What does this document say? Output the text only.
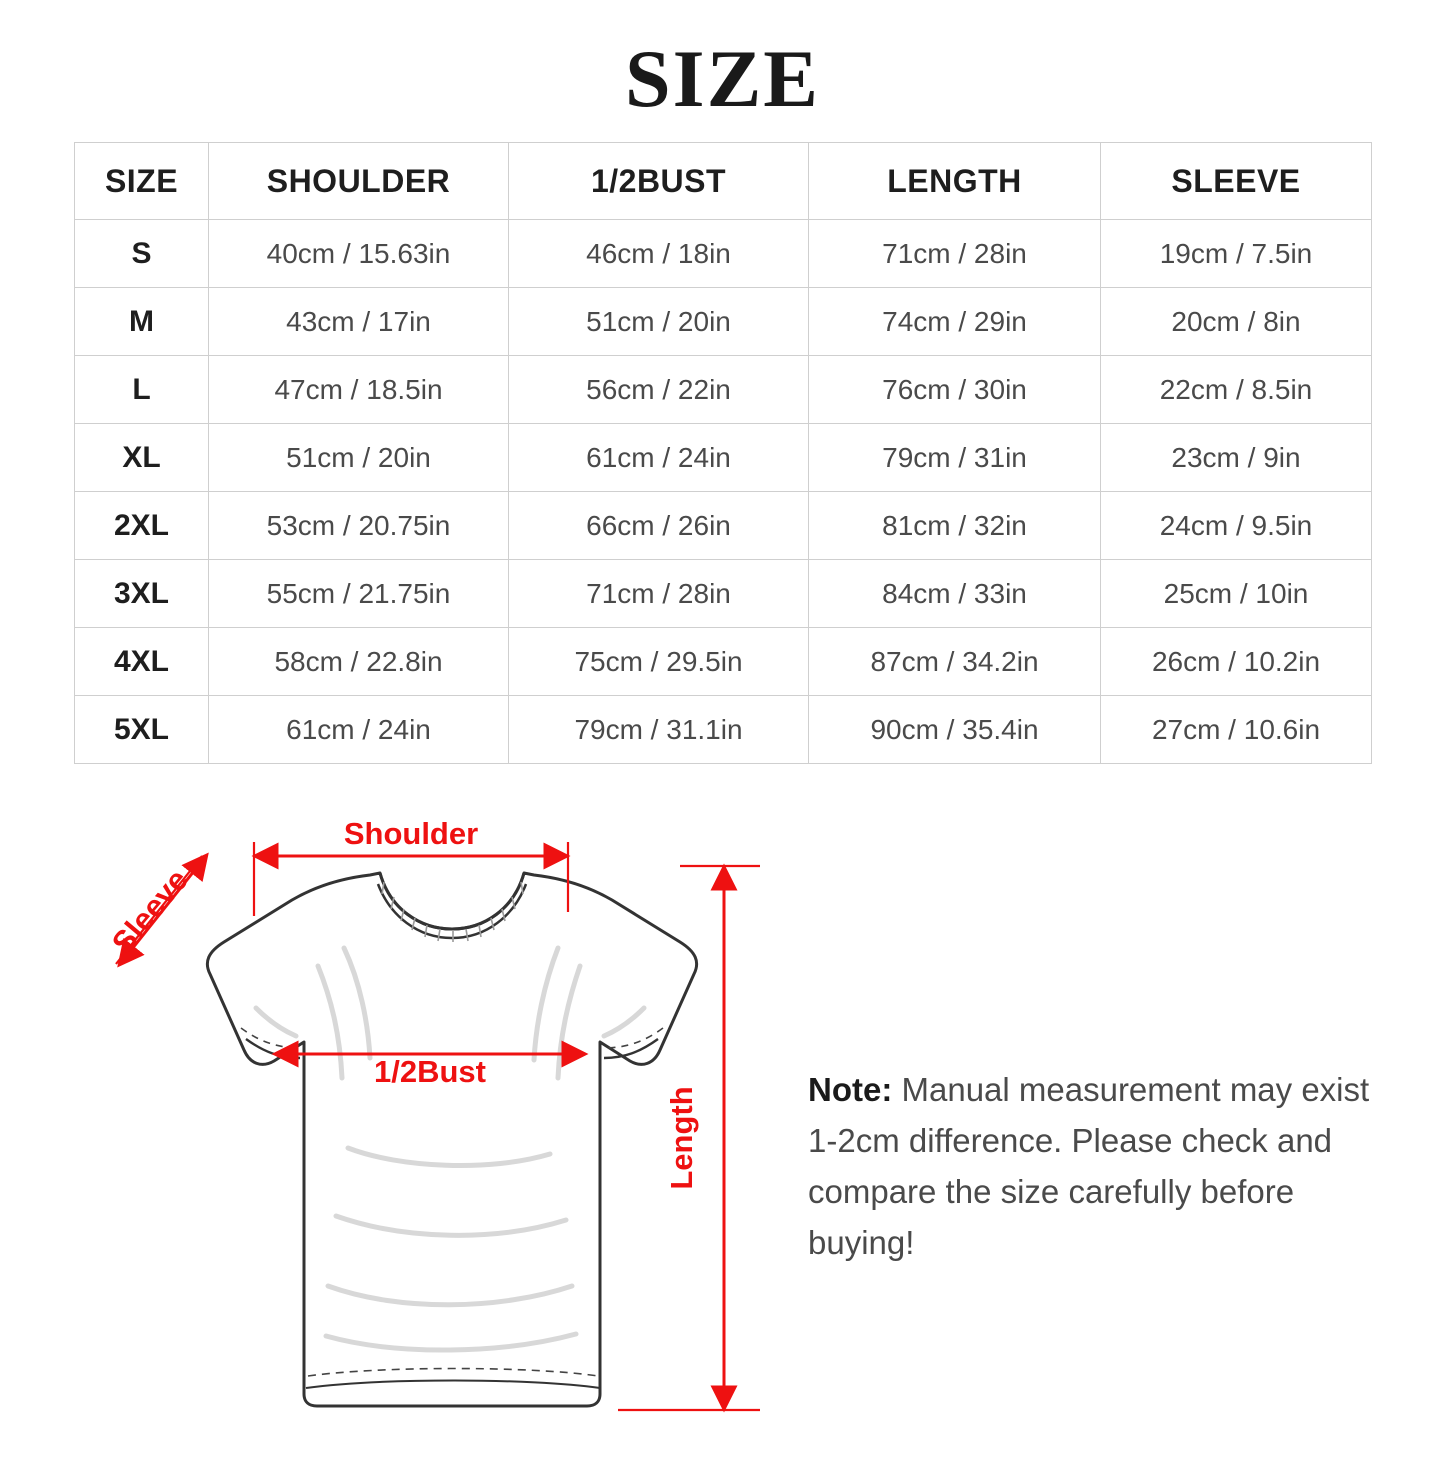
SIZE
SIZE	SHOULDER	1/2BUST	LENGTH	SLEEVE
S	40cm / 15.63in	46cm / 18in	71cm / 28in	19cm / 7.5in
M	43cm / 17in	51cm / 20in	74cm / 29in	20cm / 8in
L	47cm / 18.5in	56cm / 22in	76cm / 30in	22cm / 8.5in
XL	51cm / 20in	61cm / 24in	79cm / 31in	23cm / 9in
2XL	53cm / 20.75in	66cm / 26in	81cm / 32in	24cm / 9.5in
3XL	55cm / 21.75in	71cm / 28in	84cm / 33in	25cm / 10in
4XL	58cm / 22.8in	75cm / 29.5in	87cm / 34.2in	26cm / 10.2in
5XL	61cm / 24in	79cm / 31.1in	90cm / 35.4in	27cm / 10.6in
Shoulder
Sleeve
1/2Bust
Length	Note: Manual measurement may exist 1-2cm difference. Please check and compare the size carefully before buying!
